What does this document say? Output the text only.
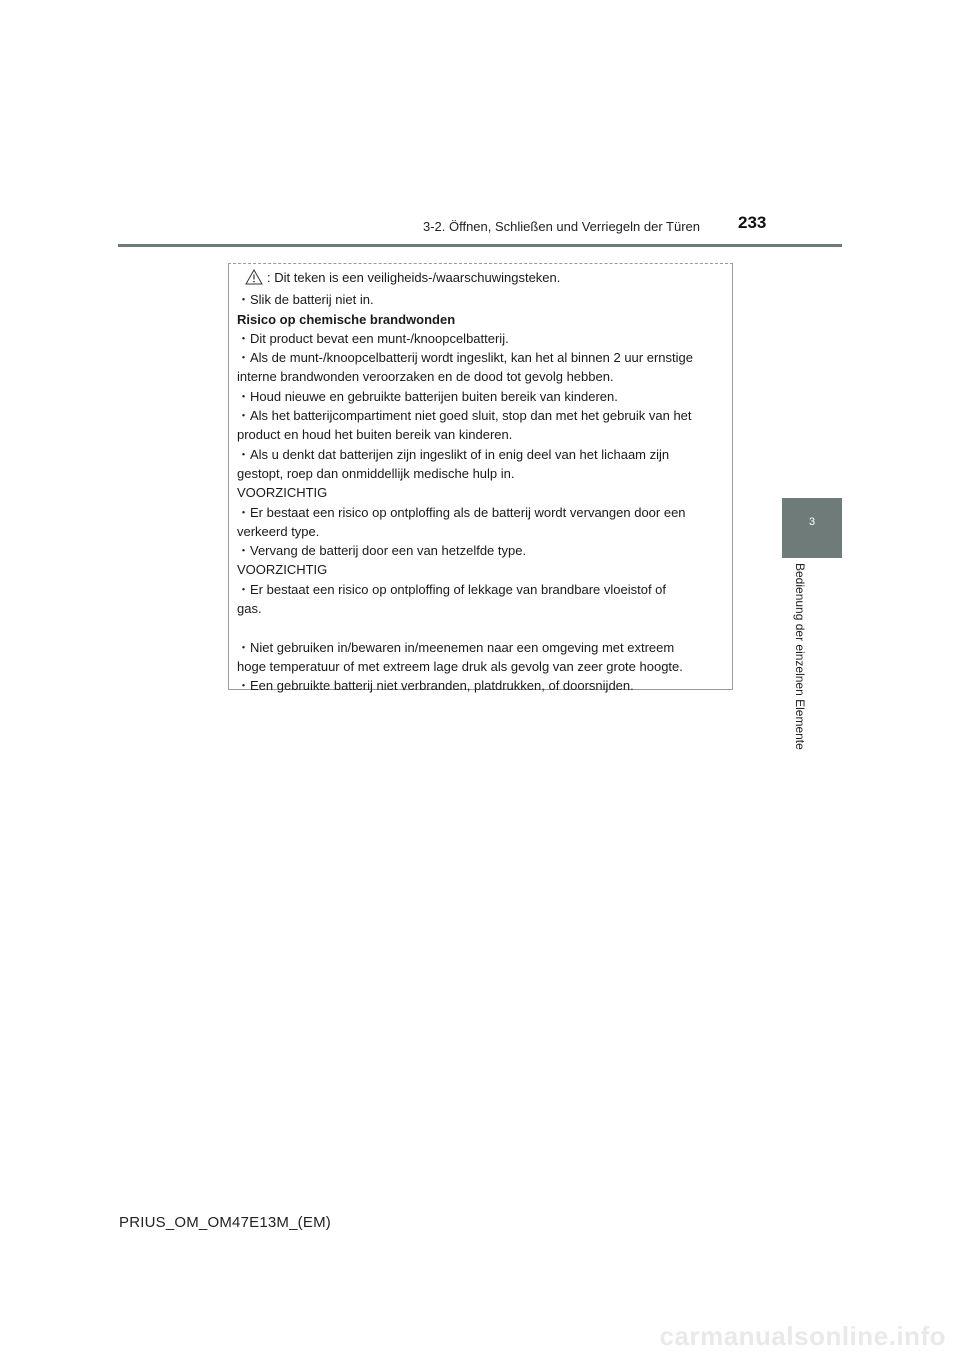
3-2. Öffnen, Schließen und Verriegeln der Türen 233
3
Bedienung der einzelnen Elemente
: Dit teken is een veiligheids-/waarschuwingsteken.
・Slik de batterij niet in.
Risico op chemische brandwonden
・Dit product bevat een munt-/knoopcelbatterij.
・Als de munt-/knoopcelbatterij wordt ingeslikt, kan het al binnen 2 uur ernstige
interne brandwonden veroorzaken en de dood tot gevolg hebben.
・Houd nieuwe en gebruikte batterijen buiten bereik van kinderen.
・Als het batterijcompartiment niet goed sluit, stop dan met het gebruik van het
product en houd het buiten bereik van kinderen.
・Als u denkt dat batterijen zijn ingeslikt of in enig deel van het lichaam zijn
gestopt, roep dan onmiddellijk medische hulp in.
VOORZICHTIG
・Er bestaat een risico op ontploffing als de batterij wordt vervangen door een
verkeerd type.
・Vervang de batterij door een van hetzelfde type.
VOORZICHTIG
・Er bestaat een risico op ontploffing of lekkage van brandbare vloeistof of
gas.
・Niet gebruiken in/bewaren in/meenemen naar een omgeving met extreem
hoge temperatuur of met extreem lage druk als gevolg van zeer grote hoogte.
・Een gebruikte batterij niet verbranden, platdrukken, of doorsnijden.
PRIUS_OM_OM47E13M_(EM)
carmanualsonline.info
